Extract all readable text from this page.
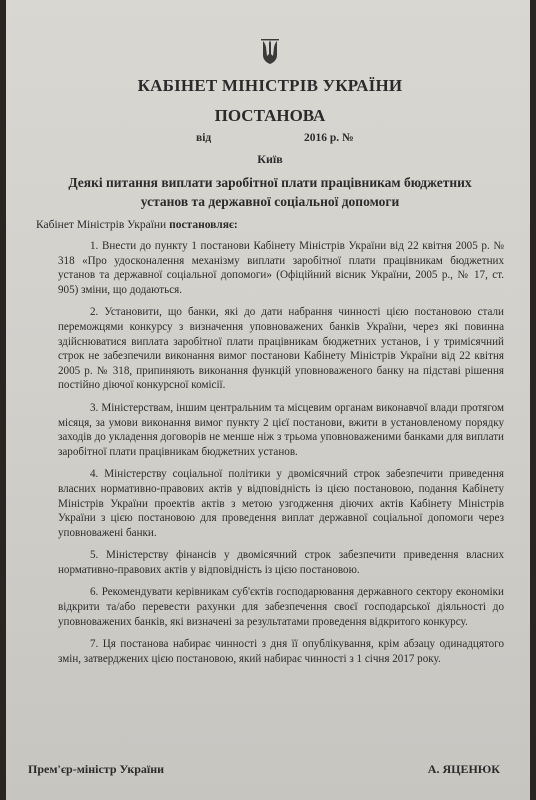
КАБІНЕТ МІНІСТРІВ УКРАЇНИ
ПОСТАНОВА
від	2016 р. №
Київ
Деякі питання виплати заробітної плати працівникам бюджетних
установ та державної соціальної допомоги
Кабінет Міністрів України постановляє:
1. Внести до пункту 1 постанови Кабінету Міністрів України від 22 квітня 2005 р. № 318 «Про удосконалення механізму виплати заробітної плати працівникам бюджетних установ та державної соціальної допомоги» (Офіційний вісник України, 2005 р., № 17, ст. 905) зміни, що додаються.
2. Установити, що банки, які до дати набрання чинності цією постановою стали переможцями конкурсу з визначення уповноважених банків України, через які повинна здійснюватися виплата заробітної плати працівникам бюджетних установ, і у тримісячний строк не забезпечили виконання вимог постанови Кабінету Міністрів України від 22 квітня 2005 р. № 318, припиняють виконання функцій уповноваженого банку на підставі рішення постійно діючої конкурсної комісії.
3. Міністерствам, іншим центральним та місцевим органам виконавчої влади протягом місяця, за умови виконання вимог пункту 2 цієї постанови, вжити в установленому порядку заходів до укладення договорів не менше ніж з трьома уповноваженими банками для виплати заробітної плати працівникам бюджетних установ.
4. Міністерству соціальної політики у двомісячний строк забезпечити приведення власних нормативно-правових актів у відповідність із цією постановою, подання Кабінету Міністрів України проектів актів з метою узгодження діючих актів Кабінету Міністрів України з цією постановою для проведення виплат державної соціальної допомоги через уповноважені банки.
5. Міністерству фінансів у двомісячний строк забезпечити приведення власних нормативно-правових актів у відповідність із цією постановою.
6. Рекомендувати керівникам суб'єктів господарювання державного сектору економіки відкрити та/або перевести рахунки для забезпечення своєї господарської діяльності до уповноважених банків, які визначені за результатами проведення відкритого конкурсу.
7. Ця постанова набирає чинності з дня її опублікування, крім абзацу одинадцятого змін, затверджених цією постановою, який набирає чинності з 1 січня 2017 року.
Прем'єр-міністр України	А. ЯЦЕНЮК
